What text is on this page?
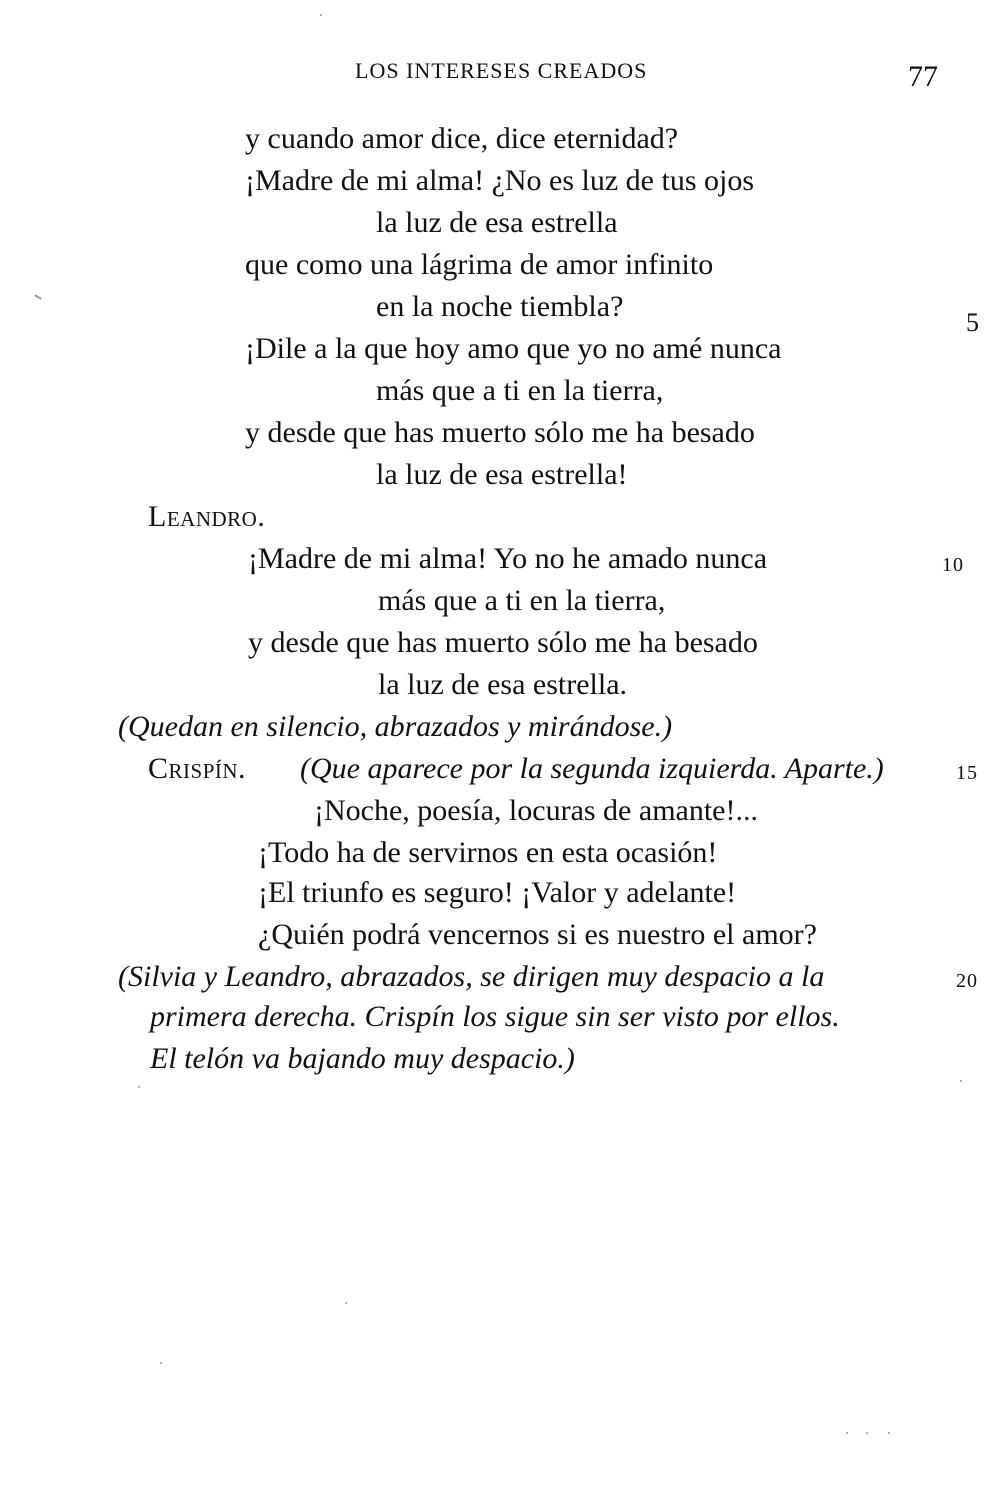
LOS INTERESES CREADOS	77
y cuando amor dice, dice eternidad?
¡Madre de mi alma! ¿No es luz de tus ojos
la luz de esa estrella
que como una lágrima de amor infinito
en la noche tiembla?
¡Dile a la que hoy amo que yo no amé nunca
más que a ti en la tierra,
y desde que has muerto sólo me ha besado
la luz de esa estrella!
Leandro.
¡Madre de mi alma! Yo no he amado nunca
más que a ti en la tierra,
y desde que has muerto sólo me ha besado
la luz de esa estrella.
(Quedan en silencio, abrazados y mirándose.)
Crispín. (Que aparece por la segunda izquierda. Aparte.)
¡Noche, poesía, locuras de amante!...
¡Todo ha de servirnos en esta ocasión!
¡El triunfo es seguro! ¡Valor y adelante!
¿Quién podrá vencernos si es nuestro el amor?
(Silvia y Leandro, abrazados, se dirigen muy despacio a la
primera derecha. Crispín los sigue sin ser visto por ellos.
El telón va bajando muy despacio.)
5
10
15
20
